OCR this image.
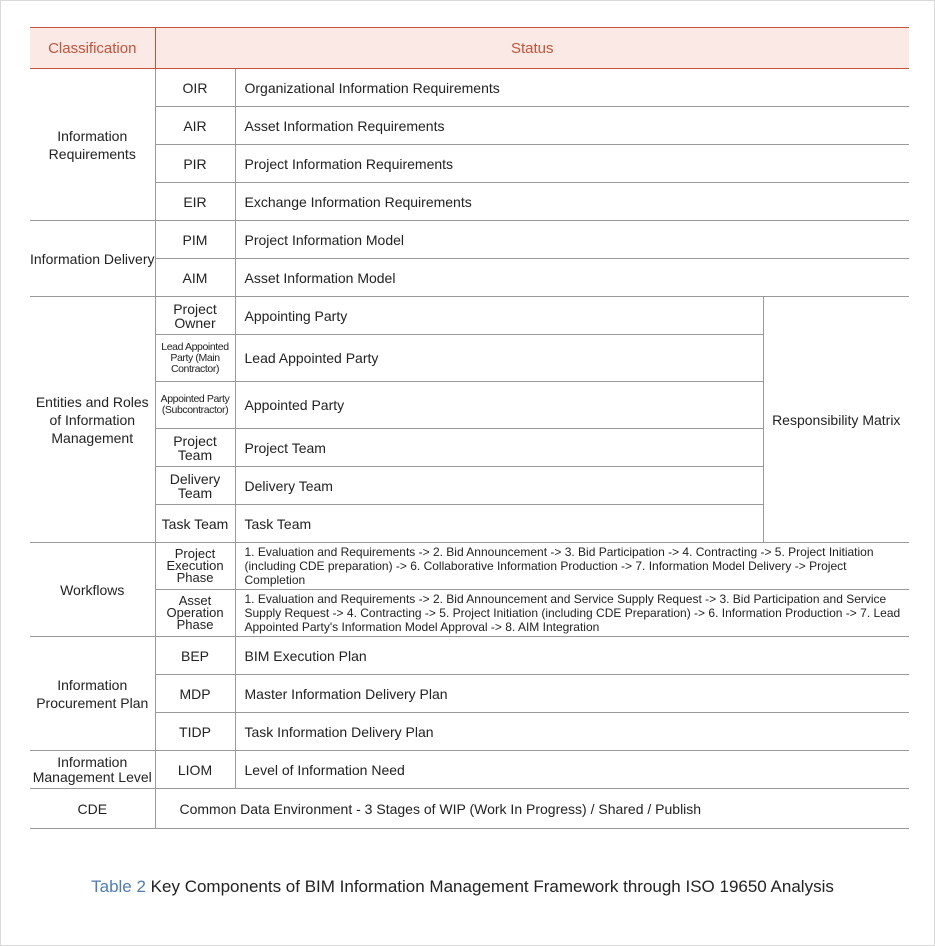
Classification	Status		
Information Requirements	OIR	Organizational Information Requirements	
	AIR	Asset Information Requirements	
	PIR	Project Information Requirements	
	EIR	Exchange Information Requirements	
Information Delivery	PIM	Project Information Model	
	AIM	Asset Information Model	
Entities and Roles of Information Management	Project Owner	Appointing Party	Responsibility Matrix
	Lead Appointed Party (Main Contractor)	Lead Appointed Party	
	Appointed Party (Subcontractor)	Appointed Party	
	Project Team	Project Team	
	Delivery Team	Delivery Team	
	Task Team	Task Team	
Workflows	Project Execution Phase	1. Evaluation and Requirements -> 2. Bid Announcement -> 3. Bid Participation -> 4. Contracting -> 5. Project Initiation (including CDE preparation) -> 6. Collaborative Information Production -> 7. Information Model Delivery -> Project Completion	
	Asset Operation Phase	1. Evaluation and Requirements -> 2. Bid Announcement and Service Supply Request -> 3. Bid Participation and Service Supply Request -> 4. Contracting -> 5. Project Initiation (including CDE Preparation) -> 6. Information Production -> 7. Lead Appointed Party's Information Model Approval -> 8. AIM Integration	
Information Procurement Plan	BEP	BIM Execution Plan	
	MDP	Master Information Delivery Plan	
	TIDP	Task Information Delivery Plan	
Information Management Level	LIOM	Level of Information Need	
CDE	Common Data Environment - 3 Stages of WIP (Work In Progress) / Shared / Publish		
Table 2 Key Components of BIM Information Management Framework through ISO 19650 Analysis
